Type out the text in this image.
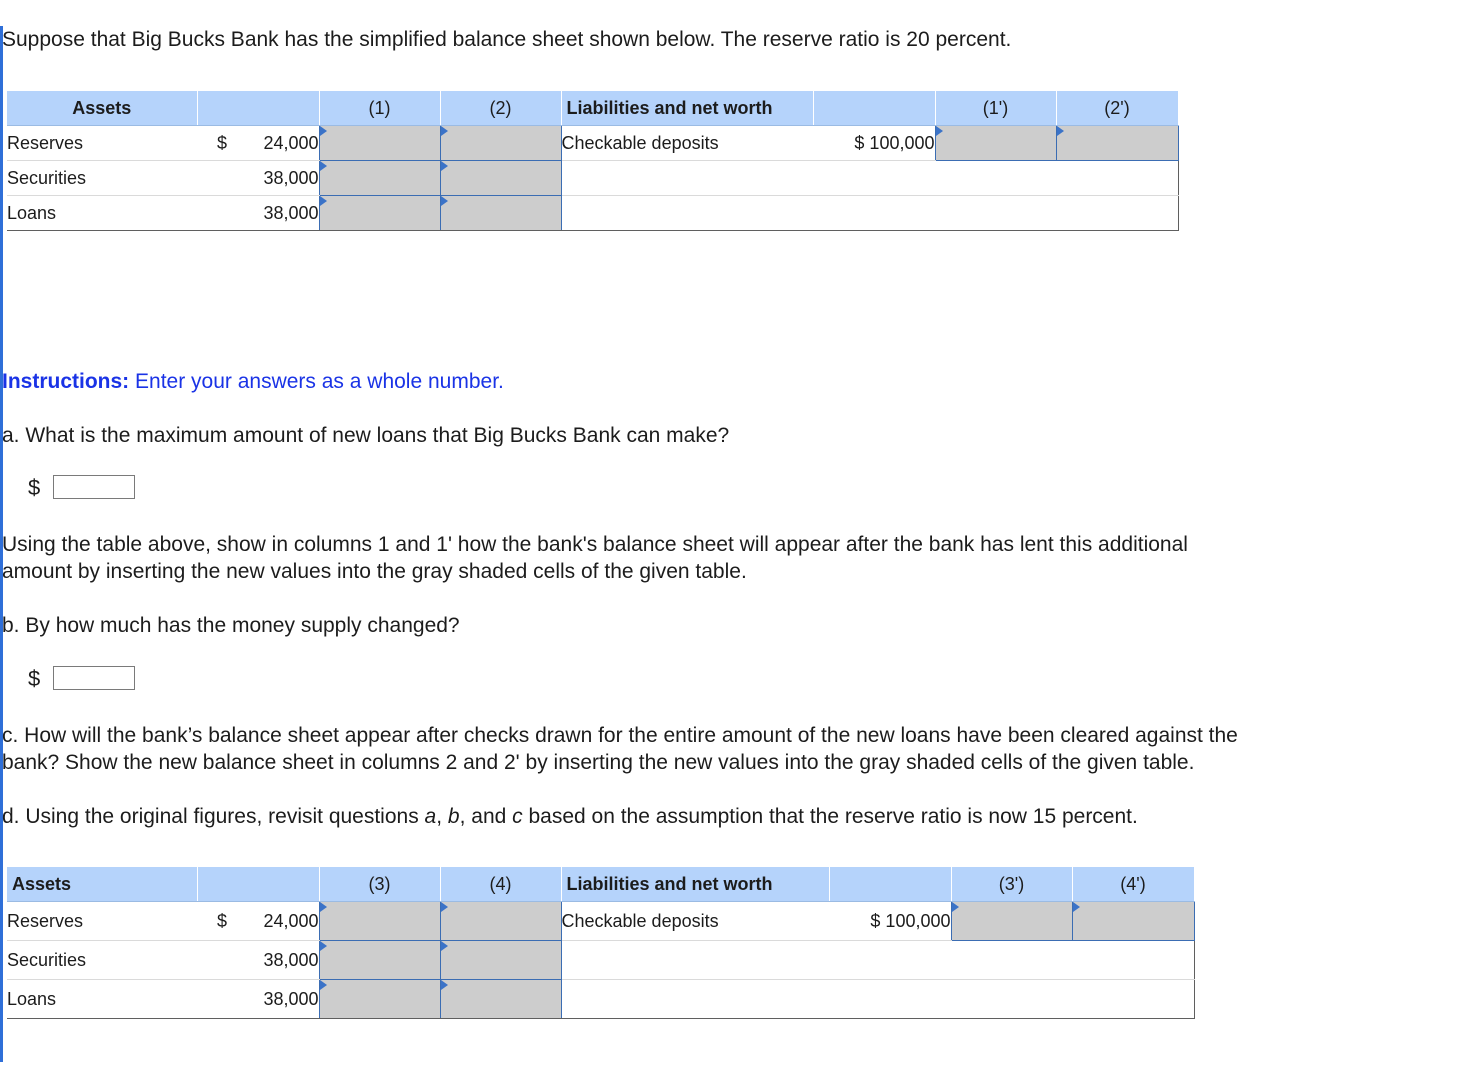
Suppose that Big Bucks Bank has the simplified balance sheet shown below. The reserve ratio is 20 percent.
Assets		(1)	(2)	Liabilities and net worth		(1')	(2')
Reserves	$ 24,000			Checkable deposits	$ 100,000		
Securities	38,000						
Loans	38,000						
Instructions: Enter your answers as a whole number.
a. What is the maximum amount of new loans that Big Bucks Bank can make?
$
Using the table above, show in columns 1 and 1' how the bank's balance sheet will appear after the bank has lent this additional
amount by inserting the new values into the gray shaded cells of the given table.
b. By how much has the money supply changed?
$
c. How will the bank’s balance sheet appear after checks drawn for the entire amount of the new loans have been cleared against the
bank? Show the new balance sheet in columns 2 and 2' by inserting the new values into the gray shaded cells of the given table.
d. Using the original figures, revisit questions a, b, and c based on the assumption that the reserve ratio is now 15 percent.
Assets		(3)	(4)	Liabilities and net worth		(3')	(4')
Reserves	$ 24,000			Checkable deposits	$ 100,000		
Securities	38,000						
Loans	38,000						
